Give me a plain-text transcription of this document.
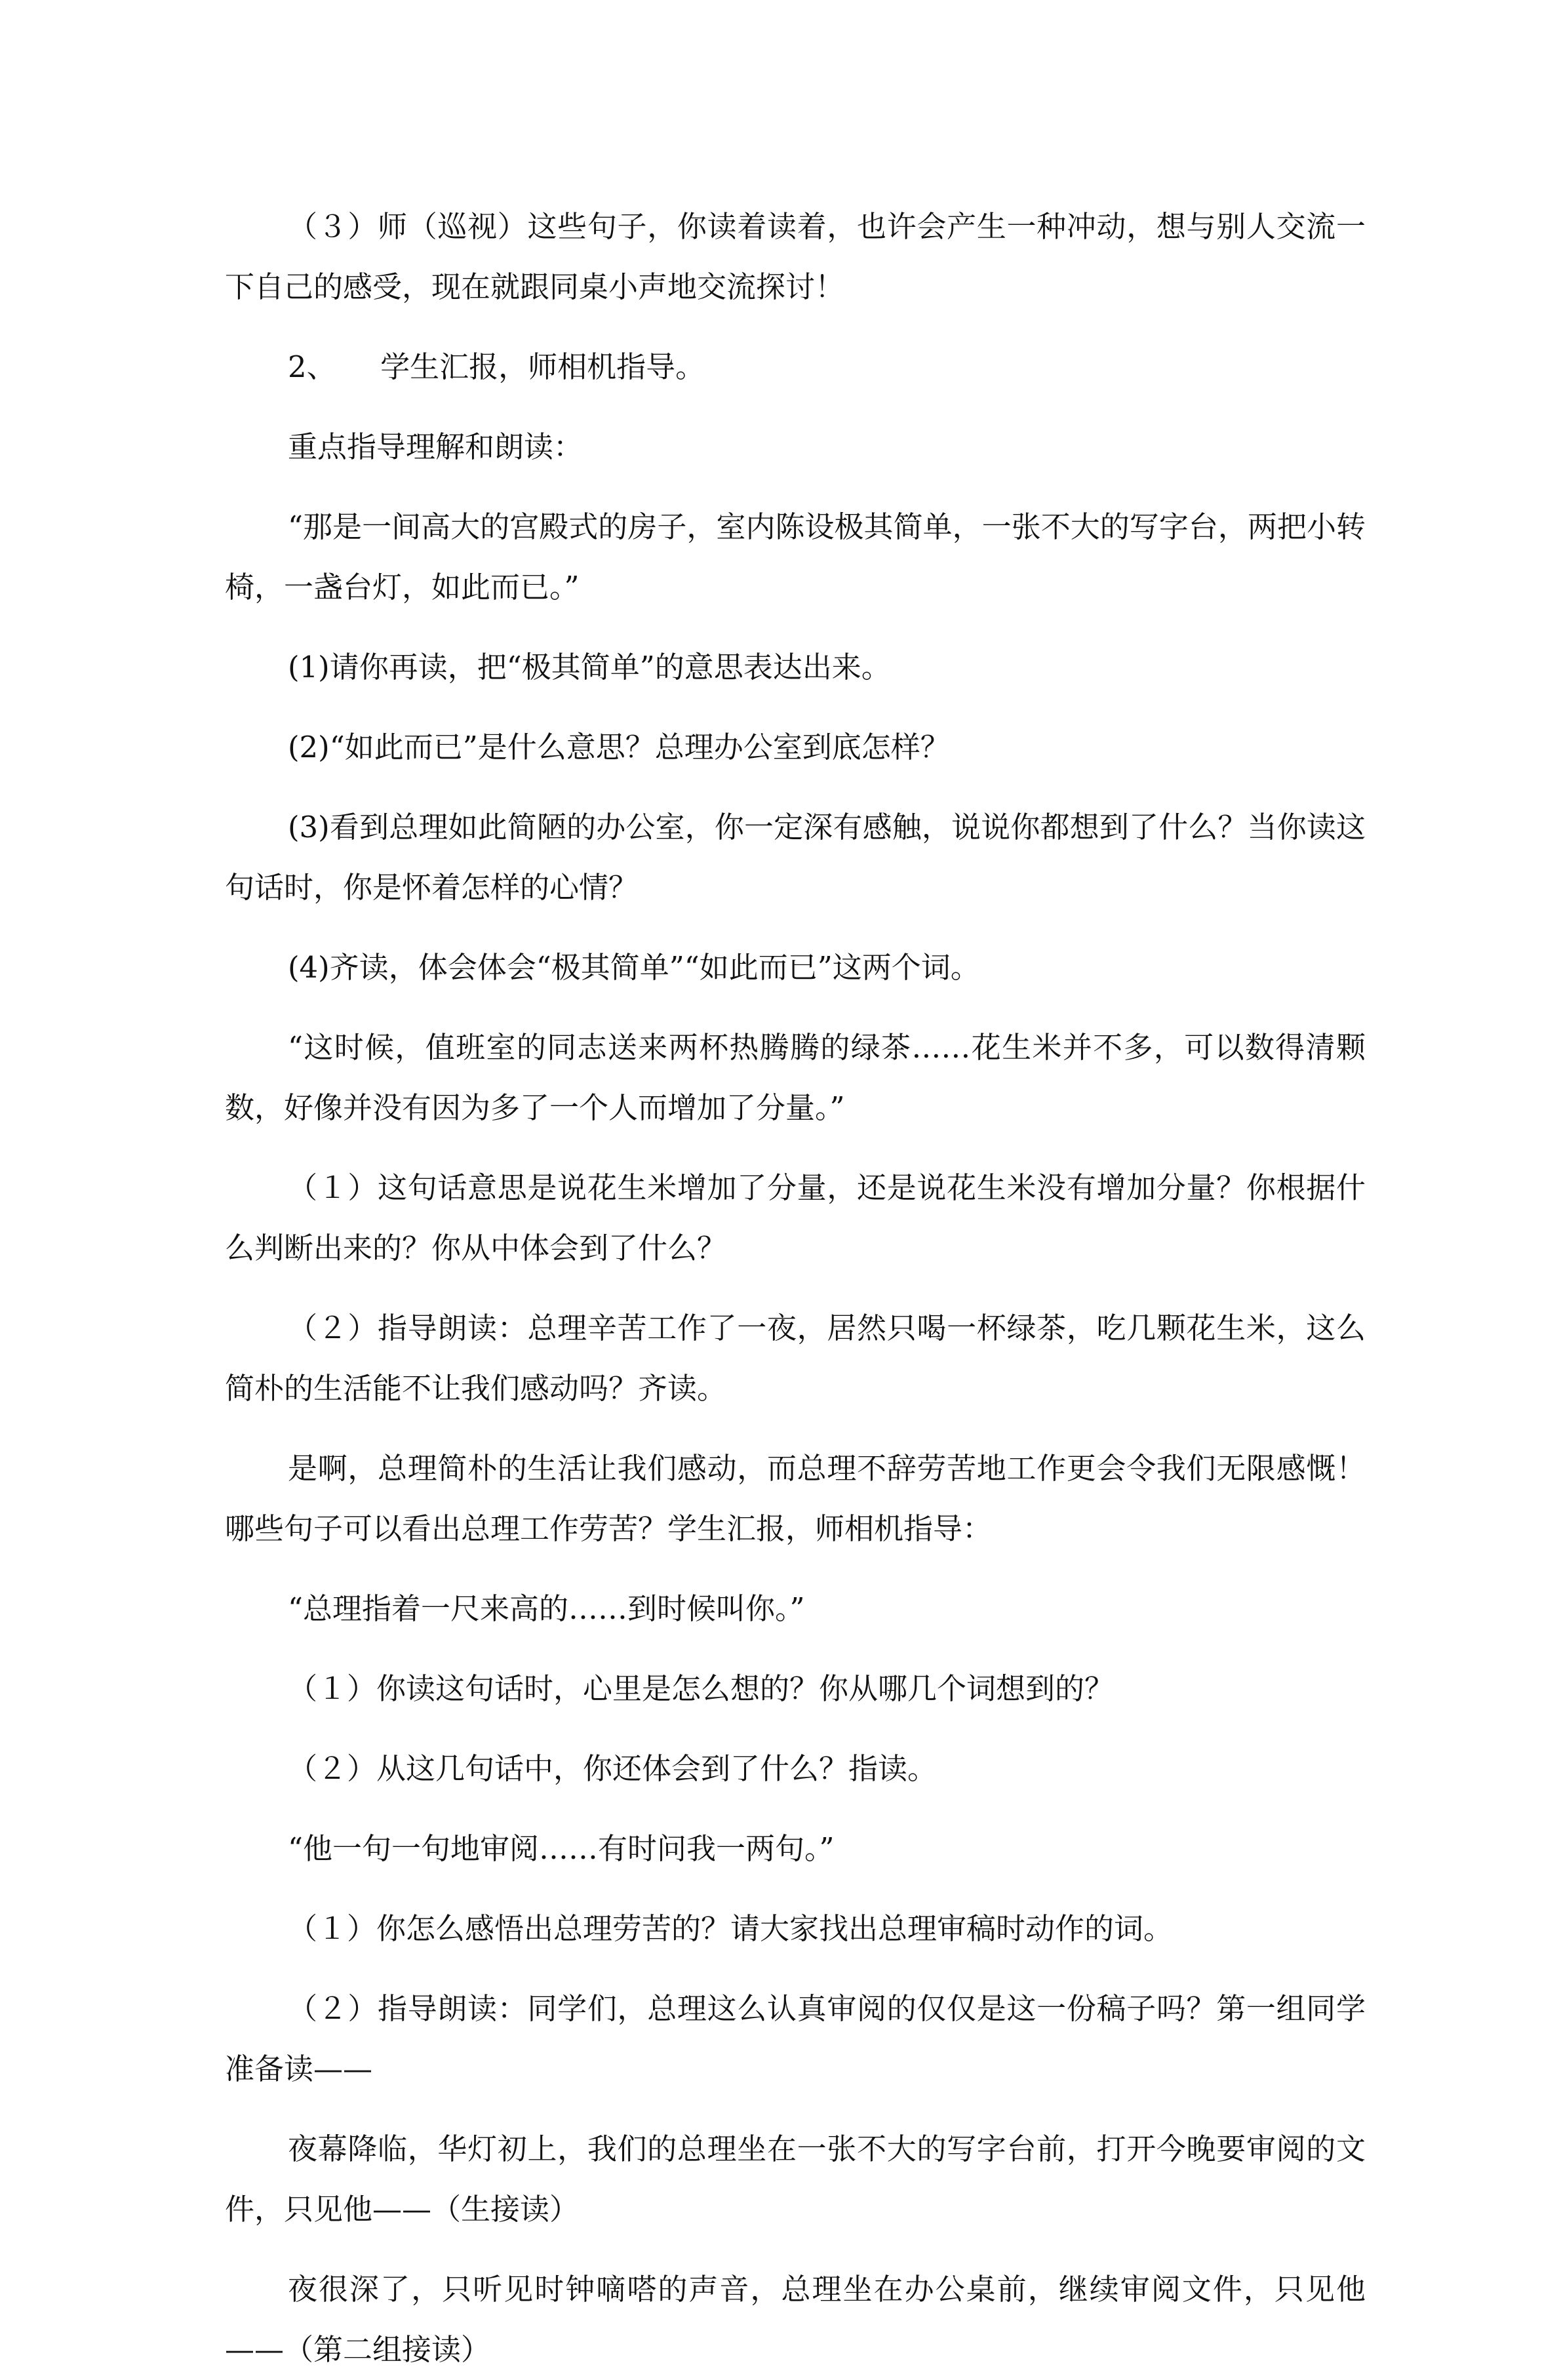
（３）师（巡视）这些句子，你读着读着，也许会产生一种冲动，想与别人交流一下自己的感受，现在就跟同桌小声地交流探讨！

2、　　学生汇报，师相机指导。

重点指导理解和朗读：

“那是一间高大的宫殿式的房子，室内陈设极其简单，一张不大的写字台，两把小转椅，一盏台灯，如此而已。”

(1)请你再读，把“极其简单”的意思表达出来。

(2)“如此而已”是什么意思？总理办公室到底怎样？

(3)看到总理如此简陋的办公室，你一定深有感触，说说你都想到了什么？当你读这句话时，你是怀着怎样的心情？

(4)齐读，体会体会“极其简单”“如此而已”这两个词。

“这时候，值班室的同志送来两杯热腾腾的绿茶……花生米并不多，可以数得清颗数，好像并没有因为多了一个人而增加了分量。”

（１）这句话意思是说花生米增加了分量，还是说花生米没有增加分量？你根据什么判断出来的？你从中体会到了什么？

（２）指导朗读：总理辛苦工作了一夜，居然只喝一杯绿茶，吃几颗花生米，这么简朴的生活能不让我们感动吗？齐读。

是啊，总理简朴的生活让我们感动，而总理不辞劳苦地工作更会令我们无限感慨！哪些句子可以看出总理工作劳苦？学生汇报，师相机指导：

“总理指着一尺来高的……到时候叫你。”

（１）你读这句话时，心里是怎么想的？你从哪几个词想到的？

（２）从这几句话中，你还体会到了什么？指读。

“他一句一句地审阅……有时问我一两句。”

（１）你怎么感悟出总理劳苦的？请大家找出总理审稿时动作的词。

（２）指导朗读：同学们，总理这么认真审阅的仅仅是这一份稿子吗？第一组同学准备读——

夜幕降临，华灯初上，我们的总理坐在一张不大的写字台前，打开今晚要审阅的文件，只见他——（生接读）

夜很深了，只听见时钟嘀嗒的声音，总理坐在办公桌前，继续审阅文件，只见他——（第二组接读）
